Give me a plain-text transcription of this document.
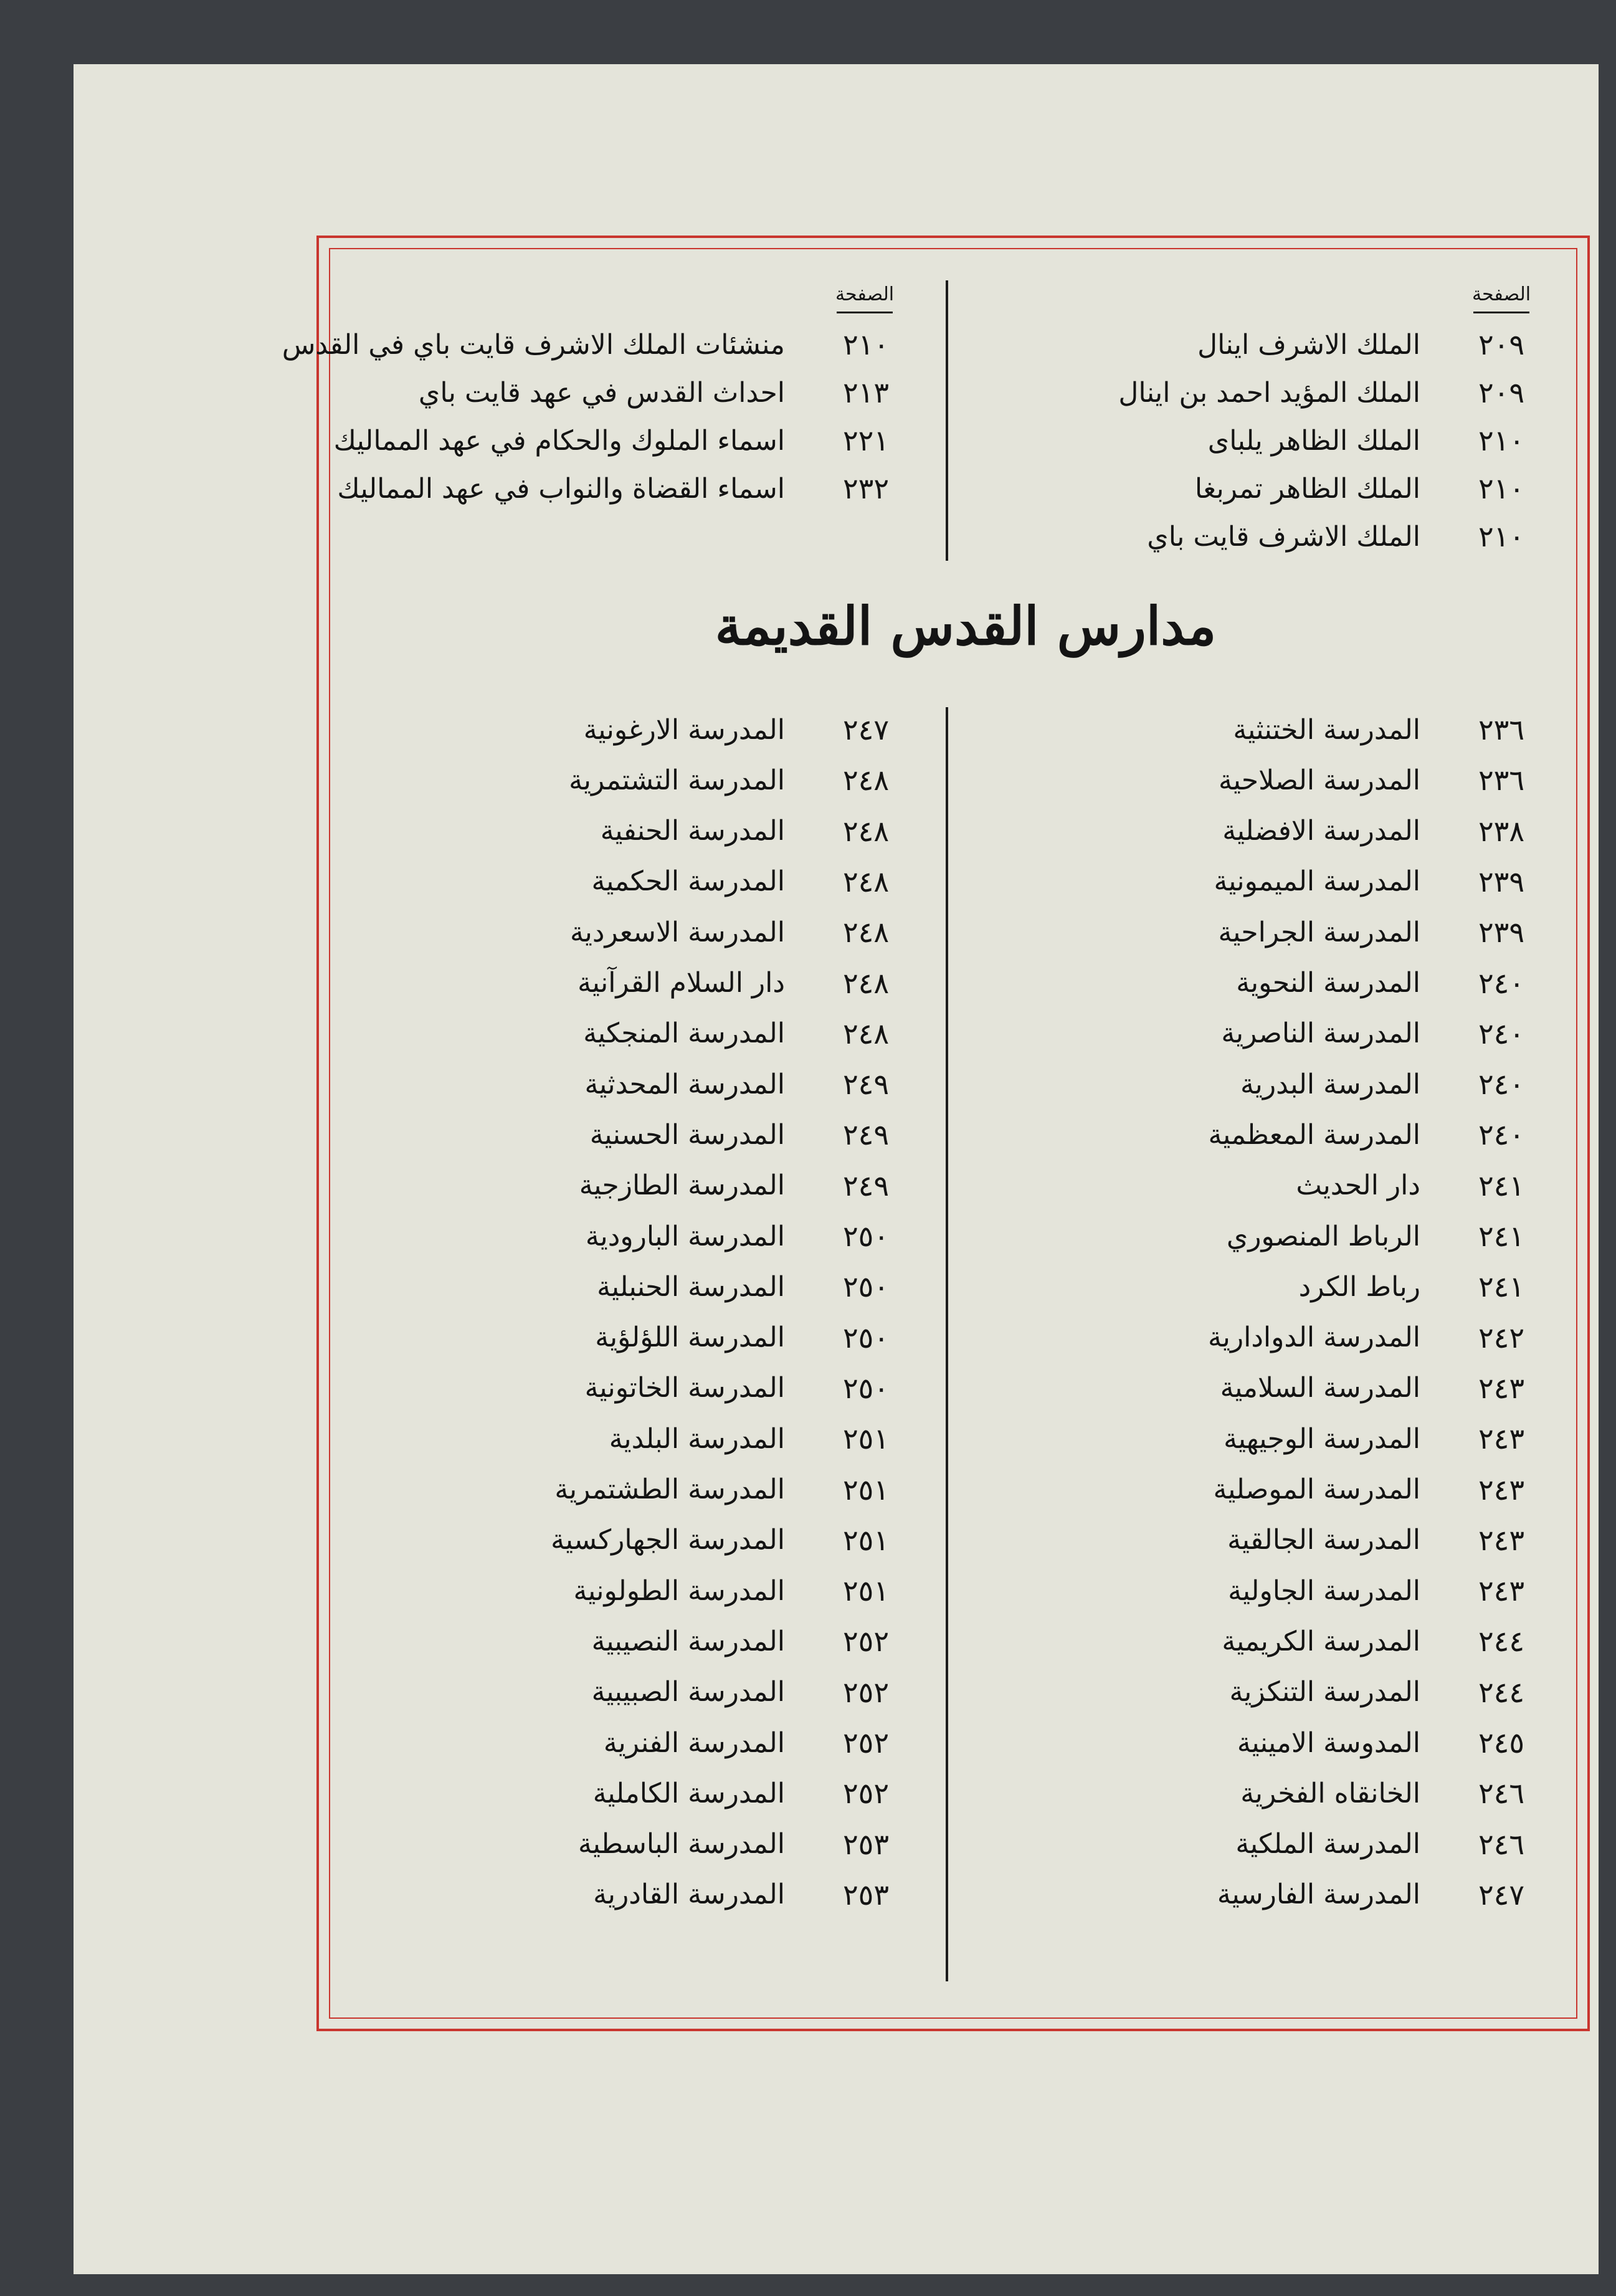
الصفحة
الصفحة
٢٠٩
الملك الاشرف اينال
٢٠٩
الملك المؤيد احمد بن اينال
٢١٠
الملك الظاهر يلباى
٢١٠
الملك الظاهر تمربغا
٢١٠
الملك الاشرف قايت باي
٢١٠
منشئات الملك الاشرف قايت باي في القدس
٢١٣
احداث القدس في عهد قايت باي
٢٢١
اسماء الملوك والحكام في عهد المماليك
٢٣٢
اسماء القضاة والنواب في عهد المماليك
مدارس القدس القديمة
٢٣٦
المدرسة الختنثية
٢٣٦
المدرسة الصلاحية
٢٣٨
المدرسة الافضلية
٢٣٩
المدرسة الميمونية
٢٣٩
المدرسة الجراحية
٢٤٠
المدرسة النحوية
٢٤٠
المدرسة الناصرية
٢٤٠
المدرسة البدرية
٢٤٠
المدرسة المعظمية
٢٤١
دار الحديث
٢٤١
الرباط المنصوري
٢٤١
رباط الكرد
٢٤٢
المدرسة الدوادارية
٢٤٣
المدرسة السلامية
٢٤٣
المدرسة الوجيهية
٢٤٣
المدرسة الموصلية
٢٤٣
المدرسة الجالقية
٢٤٣
المدرسة الجاولية
٢٤٤
المدرسة الكريمية
٢٤٤
المدرسة التنكزية
٢٤٥
المدوسة الامينية
٢٤٦
الخانقاه الفخرية
٢٤٦
المدرسة الملكية
٢٤٧
المدرسة الفارسية
٢٤٧
المدرسة الارغونية
٢٤٨
المدرسة التشتمرية
٢٤٨
المدرسة الحنفية
٢٤٨
المدرسة الحكمية
٢٤٨
المدرسة الاسعردية
٢٤٨
دار السلام القرآنية
٢٤٨
المدرسة المنجكية
٢٤٩
المدرسة المحدثية
٢٤٩
المدرسة الحسنية
٢٤٩
المدرسة الطازجية
٢٥٠
المدرسة البارودية
٢٥٠
المدرسة الحنبلية
٢٥٠
المدرسة اللؤلؤية
٢٥٠
المدرسة الخاتونية
٢٥١
المدرسة البلدية
٢٥١
المدرسة الطشتمرية
٢٥١
المدرسة الجهاركسية
٢٥١
المدرسة الطولونية
٢٥٢
المدرسة النصيبية
٢٥٢
المدرسة الصبيبية
٢٥٢
المدرسة الفنرية
٢٥٢
المدرسة الكاملية
٢٥٣
المدرسة الباسطية
٢٥٣
المدرسة القادرية
